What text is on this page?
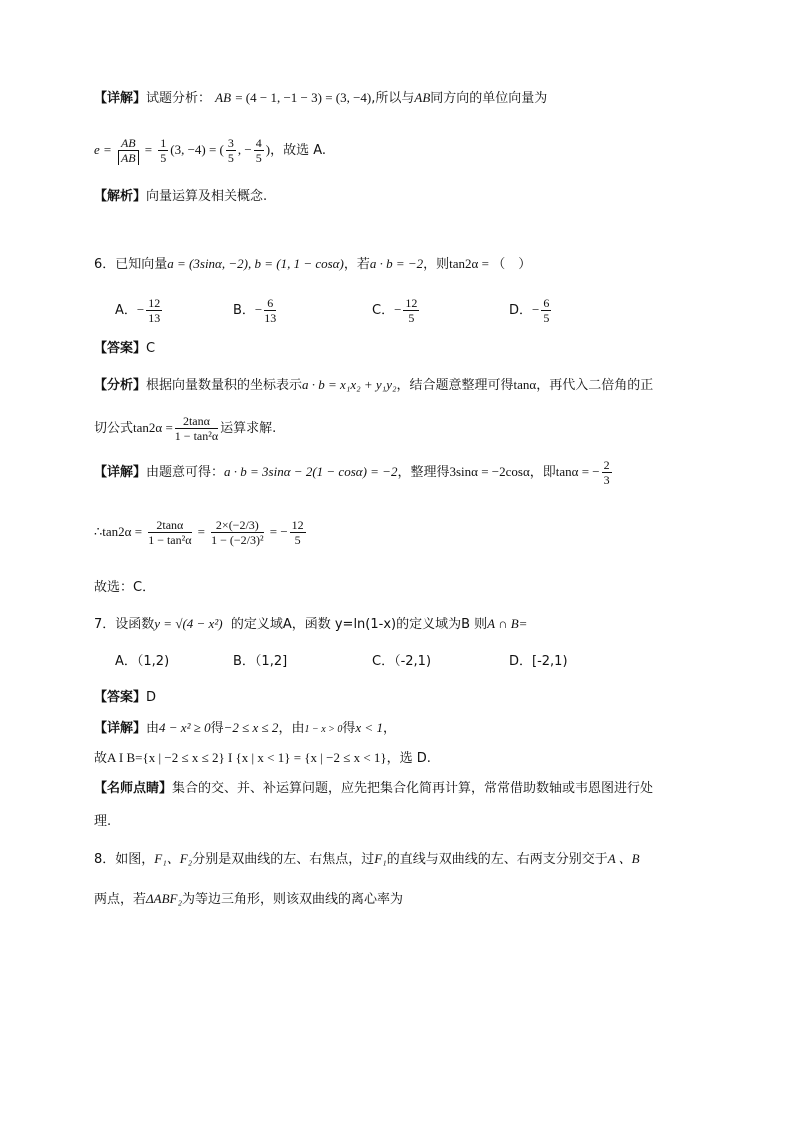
【详解】试题分析： AB = (4 − 1, −1 − 3) = (3, −4),所以与AB同方向的单位向量为
$e = \frac{AB}{AB} = \frac{1}{5} (3$, −4) = ( $\frac{3}{5}$ , − $\frac{4}{5}$ )，故选 A.
【解析】向量运算及相关概念.
6．已知向量a = (3sinα, −2), b = (1, 1 − cosα)，若a · b = −2，则tan2α = （　）
A．− $\frac{12}{13}$	B．− $\frac{6}{13}$	C．− $\frac{12}{5}$	D．− $\frac{6}{5}$
【答案】C
【分析】根据向量数量积的坐标表示a · b = x₁x₂ + y₁y₂，结合题意整理可得tanα，再代入二倍角的正
切公式$\tan 2\alpha = \frac{2\tan\alpha}{\text{1 − tan²α}}$ 运算求解.
【详解】由题意可得：a · b = 3sinα − 2(1 − cosα) = −2，整理得3sinα = −2cosα，即tanα = − $\frac{2}{3}$
∴tan2α = $\frac{2\tan\alpha}{\text{1 − tan²α}} = \frac{2\times(-2/3)}{\text{1 − (−2/3)²}}$ = − $\frac{12}{5}$
故选：C．
7．设函数y = √(4 − x²) 的定义域A，函数 y=ln(1-x)的定义域为B 则A ∩ B=
A．（1,2)	B．（1,2]	C．（-2,1)	D．[-2,1)
【答案】D
【详解】由4 − x² ≥ 0得−2 ≤ x ≤ 2，由1 − x > 0得x < 1，
故A I B={x | −2 ≤ x ≤ 2} I {x | x < 1} = {x | −2 ≤ x < 1}，选 D.
【名师点睛】集合的交、并、补运算问题，应先把集合化简再计算，常常借助数轴或韦恩图进行处
理.
8．如图，F₁、F₂分别是双曲线的左、右焦点，过F₁的直线与双曲线的左、右两支分别交于A 、B
两点，若ΔABF₂为等边三角形，则该双曲线的离心率为
